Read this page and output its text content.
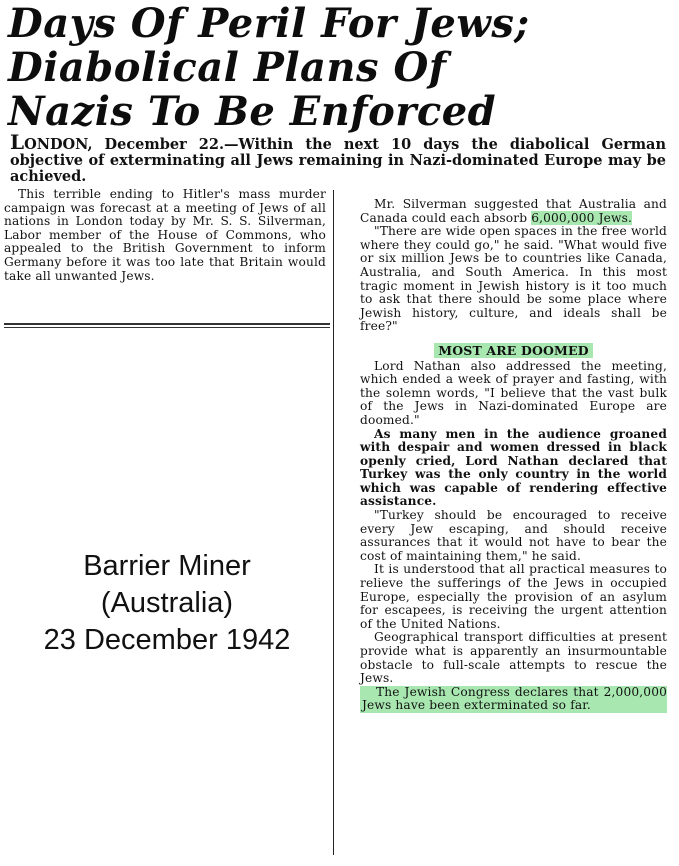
Days Of Peril For Jews;
Diabolical Plans Of
Nazis To Be Enforced

LONDON, December 22.—Within the next 10 days the diabolical German objective of exterminating all Jews remaining in Nazi-dominated Europe may be achieved.

This terrible ending to Hitler's mass murder campaign was forecast at a meeting of Jews of all nations in London today by Mr. S. S. Silverman, Labor member of the House of Commons, who appealed to the British Government to inform Germany before it was too late that Britain would take all unwanted Jews.

Mr. Silverman suggested that Australia and Canada could each absorb 6,000,000 Jews.

"There are wide open spaces in the free world where they could go," he said. "What would five or six million Jews be to countries like Canada, Australia, and South America. In this most tragic moment in Jewish history is it too much to ask that there should be some place where Jewish history, culture, and ideals shall be free?"

MOST ARE DOOMED

Lord Nathan also addressed the meeting, which ended a week of prayer and fasting, with the solemn words, "I believe that the vast bulk of the Jews in Nazi-dominated Europe are doomed."

As many men in the audience groaned with despair and women dressed in black openly cried, Lord Nathan declared that Turkey was the only country in the world which was capable of rendering effective assistance.

"Turkey should be encouraged to receive every Jew escaping, and should receive assurances that it would not have to bear the cost of maintaining them," he said.

It is understood that all practical measures to relieve the sufferings of the Jews in occupied Europe, especially the provision of an asylum for escapees, is receiving the urgent attention of the United Nations.

Geographical transport difficulties at present provide what is apparently an insurmountable obstacle to full-scale attempts to rescue the Jews.

The Jewish Congress declares that 2,000,000 Jews have been exterminated so far.

Barrier Miner
(Australia)
23 December 1942
